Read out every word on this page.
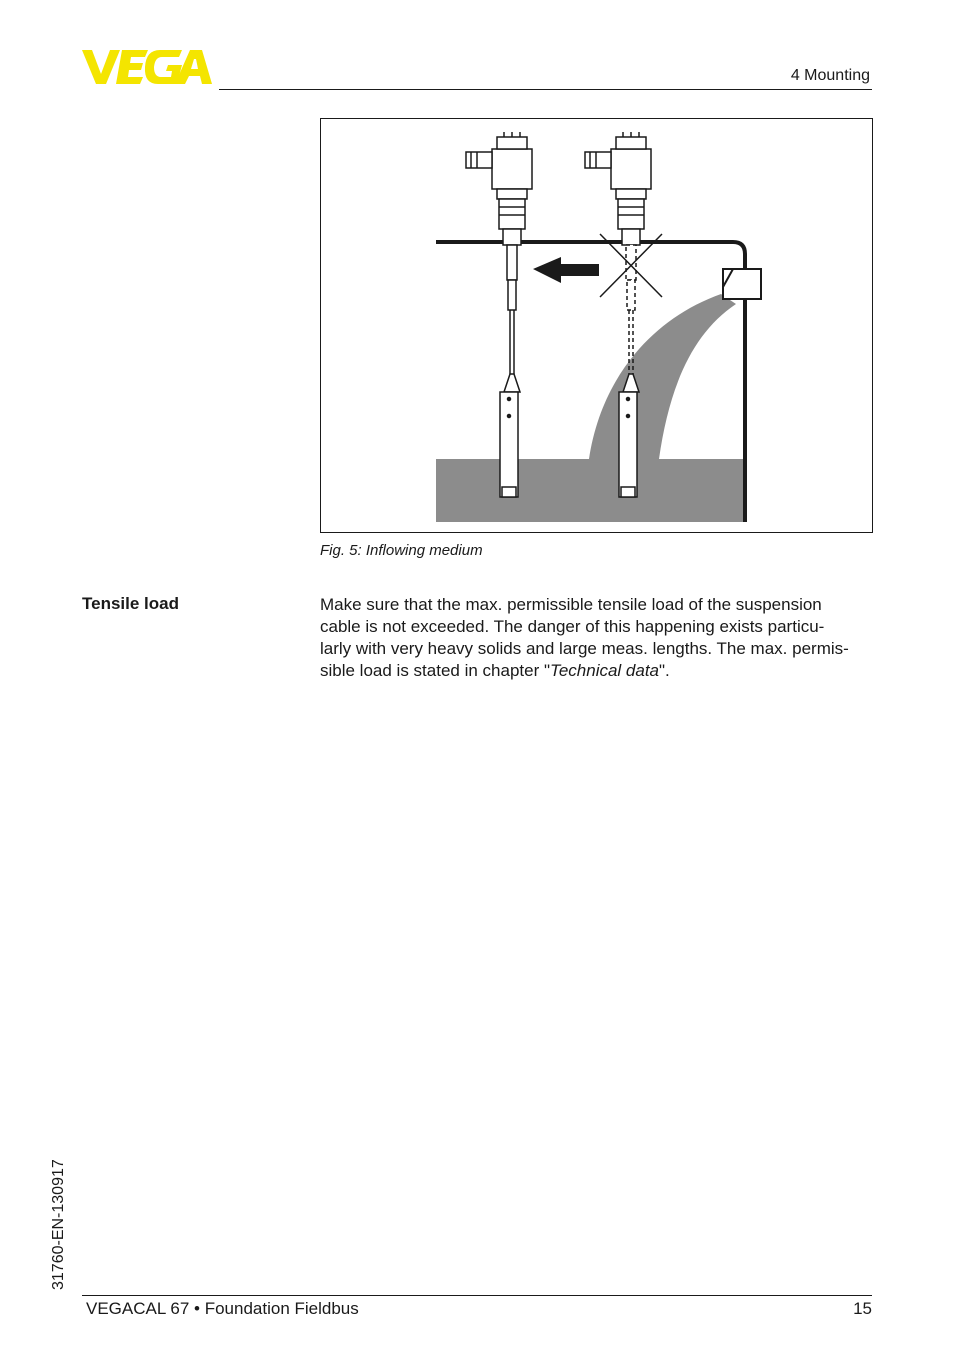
4 Mounting
Fig. 5: Inflowing medium
Tensile load	Make sure that the max. permissible tensile load of the suspension
cable is not exceeded. The danger of this happening exists particu-
larly with very heavy solids and large meas. lengths. The max. permis-
sible load is stated in chapter "Technical data".
31760-EN-130917
VEGACAL 67 • Foundation Fieldbus	15
